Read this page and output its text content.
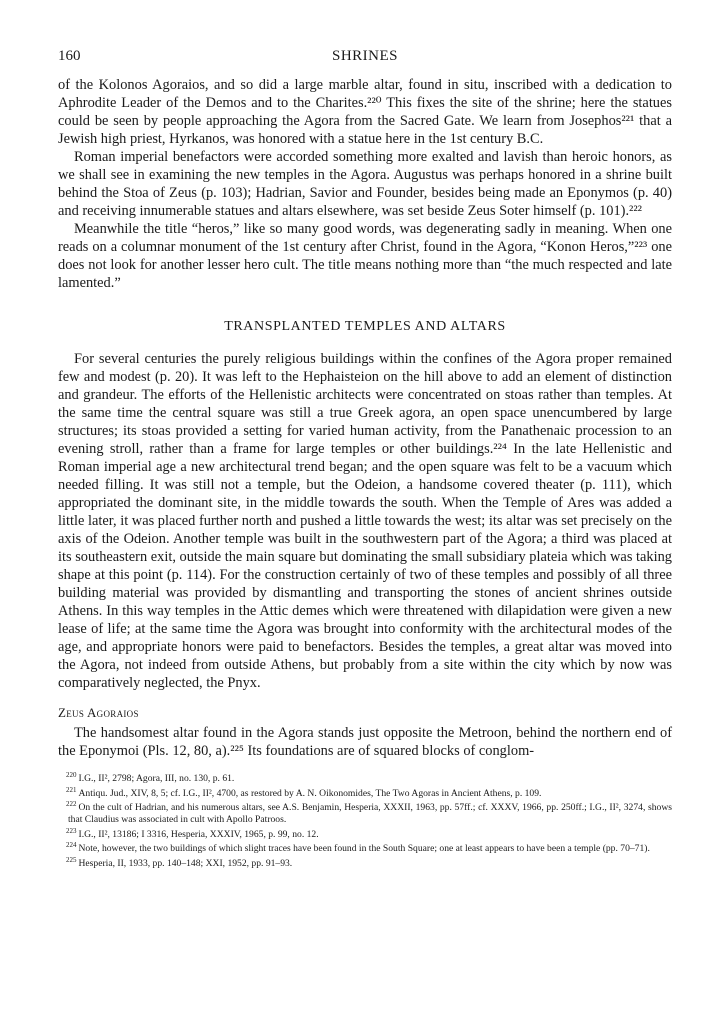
160	SHRINES

of the Kolonos Agoraios, and so did a large marble altar, found in situ, inscribed with a dedication to Aphrodite Leader of the Demos and to the Charites.²²⁰ This fixes the site of the shrine; here the statues could be seen by people approaching the Agora from the Sacred Gate. We learn from Josephos²²¹ that a Jewish high priest, Hyrkanos, was honored with a statue here in the 1st century B.C.

Roman imperial benefactors were accorded something more exalted and lavish than heroic honors, as we shall see in examining the new temples in the Agora. Augustus was perhaps honored in a shrine built behind the Stoa of Zeus (p. 103); Hadrian, Savior and Founder, besides being made an Eponymos (p. 40) and receiving innumerable statues and altars elsewhere, was set beside Zeus Soter himself (p. 101).²²²

Meanwhile the title “heros,” like so many good words, was degenerating sadly in meaning. When one reads on a columnar monument of the 1st century after Christ, found in the Agora, “Konon Heros,”²²³ one does not look for another lesser hero cult. The title means nothing more than “the much respected and late lamented.”

TRANSPLANTED TEMPLES AND ALTARS

For several centuries the purely religious buildings within the confines of the Agora proper remained few and modest (p. 20). It was left to the Hephaisteion on the hill above to add an element of distinction and grandeur. The efforts of the Hellenistic architects were concentrated on stoas rather than temples. At the same time the central square was still a true Greek agora, an open space unencumbered by large structures; its stoas provided a setting for varied human activity, from the Panathenaic procession to an evening stroll, rather than a frame for large temples or other buildings.²²⁴ In the late Hellenistic and Roman imperial age a new architectural trend began; and the open square was felt to be a vacuum which needed filling. It was still not a temple, but the Odeion, a handsome covered theater (p. 111), which appropriated the dominant site, in the middle towards the south. When the Temple of Ares was added a little later, it was placed further north and pushed a little towards the west; its altar was set precisely on the axis of the Odeion. Another temple was built in the southwestern part of the Agora; a third was placed at its southeastern exit, outside the main square but dominating the small subsidiary plateia which was taking shape at this point (p. 114). For the construction certainly of two of these temples and possibly of all three building material was provided by dismantling and transporting the stones of ancient shrines outside Athens. In this way temples in the Attic demes which were threatened with dilapidation were given a new lease of life; at the same time the Agora was brought into conformity with the architectural modes of the age, and appropriate honors were paid to benefactors. Besides the temples, a great altar was moved into the Agora, not indeed from outside Athens, but probably from a site within the city which by now was comparatively neglected, the Pnyx.

Zeus Agoraios

The handsomest altar found in the Agora stands just opposite the Metroon, behind the northern end of the Eponymoi (Pls. 12, 80, a).²²⁵ Its foundations are of squared blocks of conglom-

$^{220}$ I.G., II², 2798; Agora, III, no. 130, p. 61.

$^{221}$ Antiqu. Jud., XIV, 8, 5; cf. I.G., II², 4700, as restored by A. N. Oikonomides, The Two Agoras in Ancient Athens, p. 109.

$^{222}$ On the cult of Hadrian, and his numerous altars, see A.S. Benjamin, Hesperia, XXXII, 1963, pp. 57ff.; cf. XXXV, 1966, pp. 250ff.; I.G., II², 3274, shows that Claudius was associated in cult with Apollo Patroos.

$^{223}$ I.G., II², 13186; I 3316, Hesperia, XXXIV, 1965, p. 99, no. 12.

$^{224}$ Note, however, the two buildings of which slight traces have been found in the South Square; one at least appears to have been a temple (pp. 70–71).

$^{225}$ Hesperia, II, 1933, pp. 140–148; XXI, 1952, pp. 91–93.
